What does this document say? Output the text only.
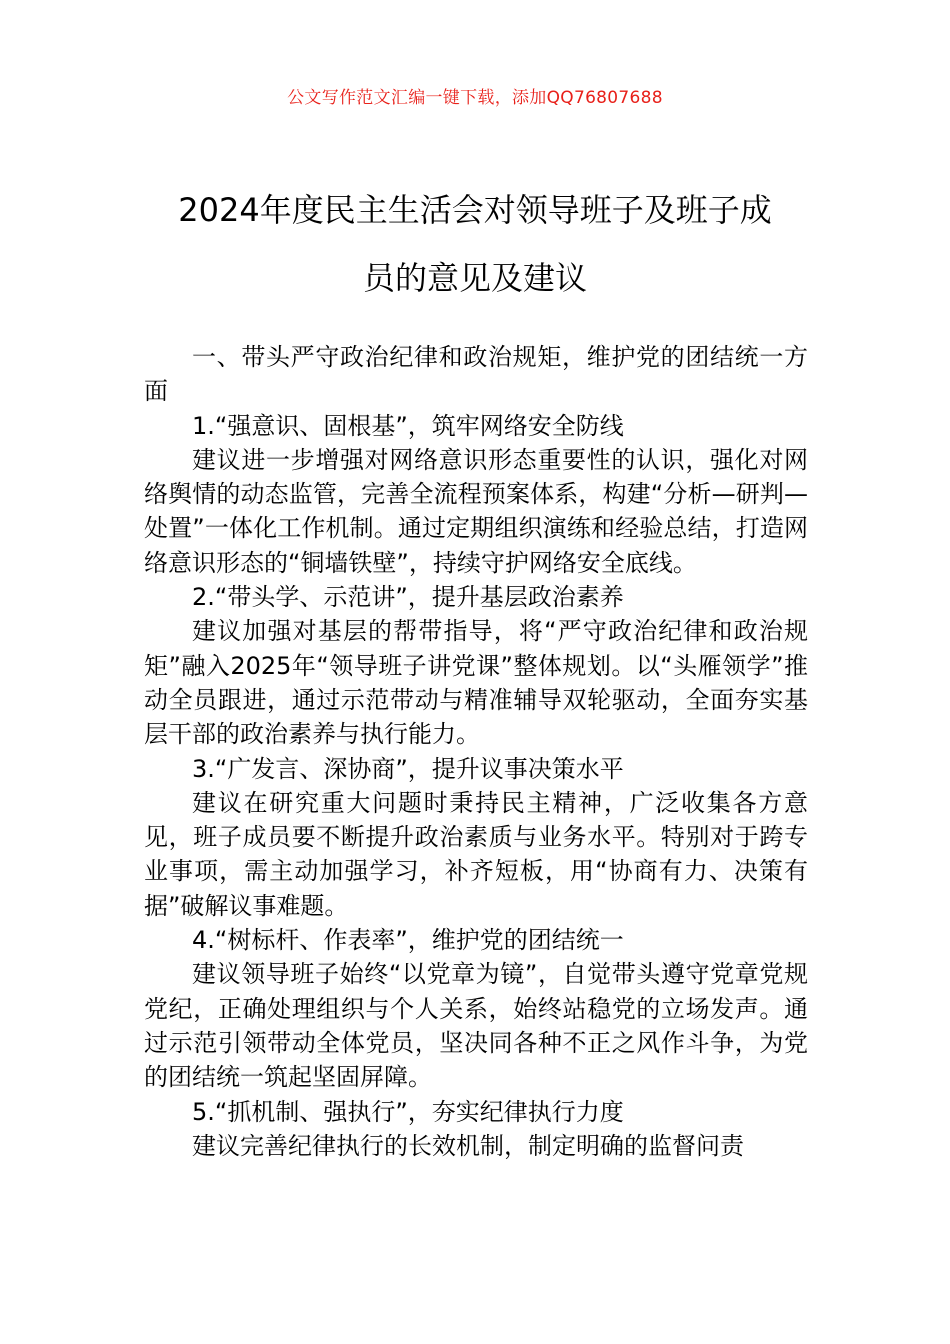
公文写作范文汇编一键下载，添加QQ76807688
2024年度民主生活会对领导班子及班子成
员的意见及建议

一、带头严守政治纪律和政治规矩，维护党的团结统一方面

1.“强意识、固根基”，筑牢网络安全防线

建议进一步增强对网络意识形态重要性的认识，强化对网络舆情的动态监管，完善全流程预案体系，构建“分析—研判—处置”一体化工作机制。通过定期组织演练和经验总结，打造网络意识形态的“铜墙铁壁”，持续守护网络安全底线。

2.“带头学、示范讲”，提升基层政治素养

建议加强对基层的帮带指导，将“严守政治纪律和政治规矩”融入2025年“领导班子讲党课”整体规划。以“头雁领学”推动全员跟进，通过示范带动与精准辅导双轮驱动，全面夯实基层干部的政治素养与执行能力。

3.“广发言、深协商”，提升议事决策水平

建议在研究重大问题时秉持民主精神，广泛收集各方意见，班子成员要不断提升政治素质与业务水平。特别对于跨专业事项，需主动加强学习，补齐短板，用“协商有力、决策有据”破解议事难题。

4.“树标杆、作表率”，维护党的团结统一

建议领导班子始终“以党章为镜”，自觉带头遵守党章党规党纪，正确处理组织与个人关系，始终站稳党的立场发声。通过示范引领带动全体党员，坚决同各种不正之风作斗争，为党的团结统一筑起坚固屏障。

5.“抓机制、强执行”，夯实纪律执行力度

建议完善纪律执行的长效机制，制定明确的监督问责
